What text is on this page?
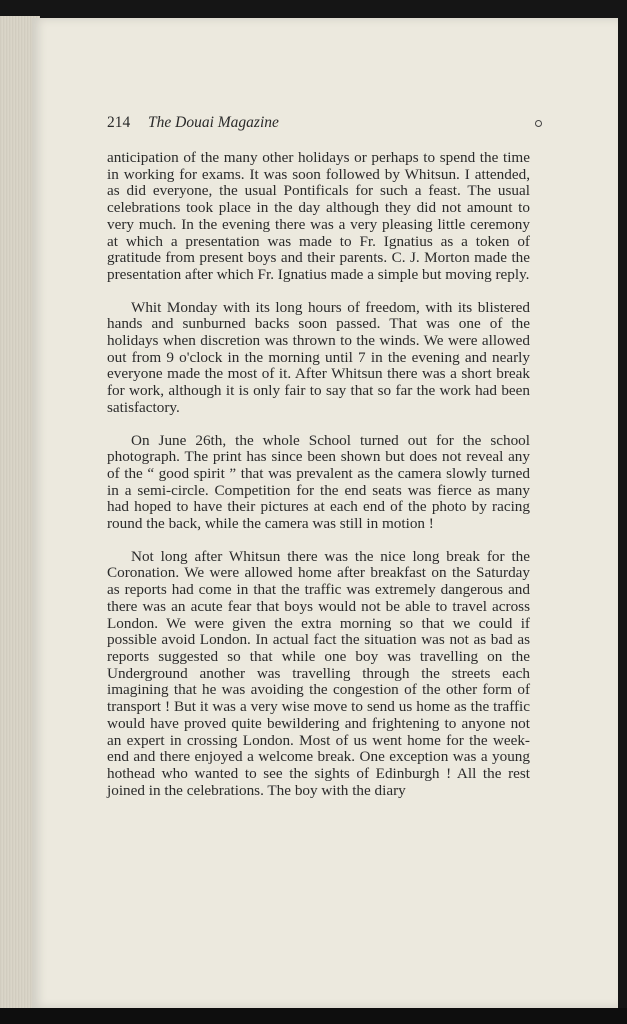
214 The Douai Magazine

anticipation of the many other holidays or perhaps to spend the time in working for exams. It was soon followed by Whitsun. I attended, as did everyone, the usual Pontificals for such a feast. The usual celebrations took place in the day although they did not amount to very much. In the evening there was a very pleasing little ceremony at which a presentation was made to Fr. Ignatius as a token of gratitude from present boys and their parents. C. J. Morton made the presentation after which Fr. Ignatius made a simple but moving reply.

Whit Monday with its long hours of freedom, with its blistered hands and sunburned backs soon passed. That was one of the holidays when discretion was thrown to the winds. We were allowed out from 9 o'clock in the morning until 7 in the evening and nearly everyone made the most of it. After Whitsun there was a short break for work, although it is only fair to say that so far the work had been satisfactory.

On June 26th, the whole School turned out for the school photograph. The print has since been shown but does not reveal any of the “ good spirit ” that was prevalent as the camera slowly turned in a semi-circle. Competition for the end seats was fierce as many had hoped to have their pictures at each end of the photo by racing round the back, while the camera was still in motion !

Not long after Whitsun there was the nice long break for the Coronation. We were allowed home after breakfast on the Saturday as reports had come in that the traffic was extremely dangerous and there was an acute fear that boys would not be able to travel across London. We were given the extra morning so that we could if possible avoid London. In actual fact the situation was not as bad as reports suggested so that while one boy was travelling on the Underground another was travelling through the streets each imagining that he was avoiding the congestion of the other form of transport ! But it was a very wise move to send us home as the traffic would have proved quite bewildering and frightening to anyone not an expert in crossing London. Most of us went home for the week-end and there enjoyed a welcome break. One exception was a young hothead who wanted to see the sights of Edinburgh ! All the rest joined in the celebrations. The boy with the diary
